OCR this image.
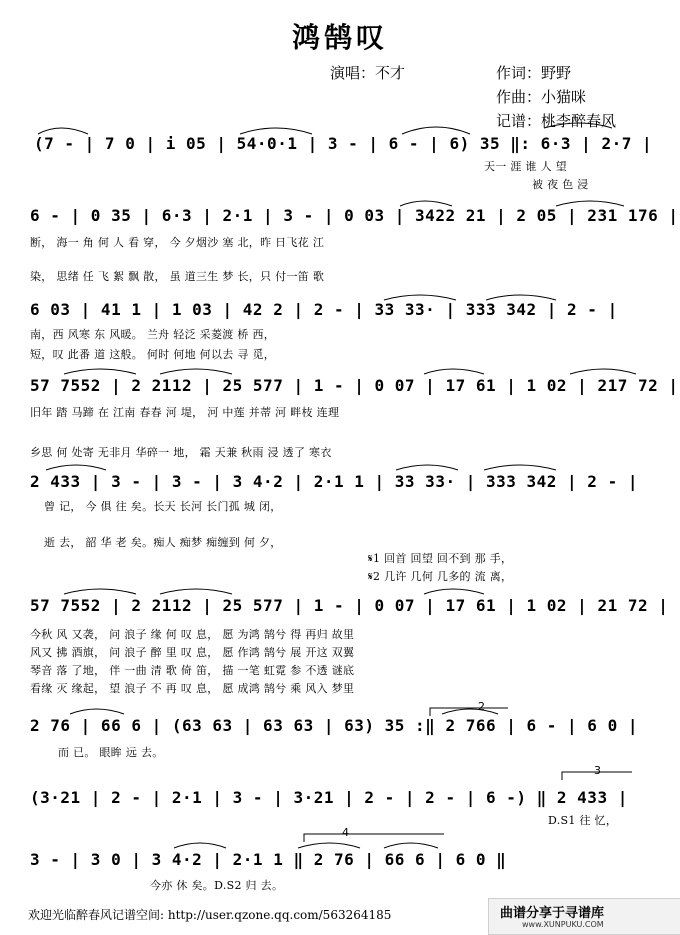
鸿鹄叹
演唱：不才	作词：野野
作曲：小猫咪
记谱：桃李醉春风
(7 - | 7 0 | i 05 | 54·0·1 | 3 - | 6 - | 6) 35 ‖: 6·3 | 2·7 |
天一 涯 谁 人 望
被 夜 色 浸
6 - | 0 35 | 6·3 | 2·1 | 3 - | 0 03 | 3422 21 | 2 05 | 231 176 |
断， 海一 角 何 人 看 穿， 今 夕烟沙 塞 北，昨 日飞花 江
染， 思绪 任 飞 絮 飘 散， 虽 道三生 梦 长，只 付一笛 歌
6 03 | 41 1 | 1 03 | 42 2 | 2 - | 33 33· | 333 342 | 2 - |
南，西 风寒 东 风暖。 兰舟 轻泛 采菱渡 桥 西，
短，叹 此番 道 这般。 何时 何地 何以去 寻 觅，
57 7552 | 2 2112 | 25 577 | 1 - | 0 07 | 17 61 | 1 02 | 217 72 |
旧年 踏 马蹄 在 江南 春春 河 堤， 河 中莲 并蒂 河 畔枝 连理
乡思 何 处寄 无非月 华碎一 地， 霜 天兼 秋雨 浸 透了 寒衣
2 433 | 3 - | 3 - | 3 4·2 | 2·1 1 | 33 33· | 333 342 | 2 - |
曾 记， 今 俱 往 矣。长天 长河 长门孤 城 闭，
逝 去， 韶 华 老 矣。痴人 痴梦 痴缠到 何 夕，
𝄋1 回首 回望 回不到 那 手，
𝄋2 几许 几何 几多的 流 离，
57 7552 | 2 2112 | 25 577 | 1 - | 0 07 | 17 61 | 1 02 | 21 72 |
今秋 风 又袭， 问 浪子 缘 何 叹 息， 愿 为鸿 鹄兮 得 再归 故里
风又 拂 酒旗， 问 浪子 醉 里 叹 息， 愿 作鸿 鹄兮 展 开这 双翼
琴音 落 了地， 伴 一曲 清 歌 倚 笛， 描 一笔 虹霓 参 不透 谜底
看缘 灭 缘起， 望 浪子 不 再 叹 息， 愿 成鸿 鹄兮 乘 风入 梦里
2 76 | 66 6 | (63 63 | 63 63 | 63) 35 :‖ 2 766 | 6 - | 6 0 |
而 已。 眼眸 远 去。
(3·21 | 2 - | 2·1 | 3 - | 3·21 | 2 - | 2 - | 6 -) ‖ 2 433 |
D.S1 往 忆，
3 - | 3 0 | 3 4·2 | 2·1 1 ‖ 2 76 | 66 6 | 6 0 ‖
今亦 休 矣。D.S2 归 去。
2
3
4
欢迎光临醉春风记谱空间: http://user.qzone.qq.com/563264185	曲谱分享于寻谱库
www.XUNPUKU.COM
